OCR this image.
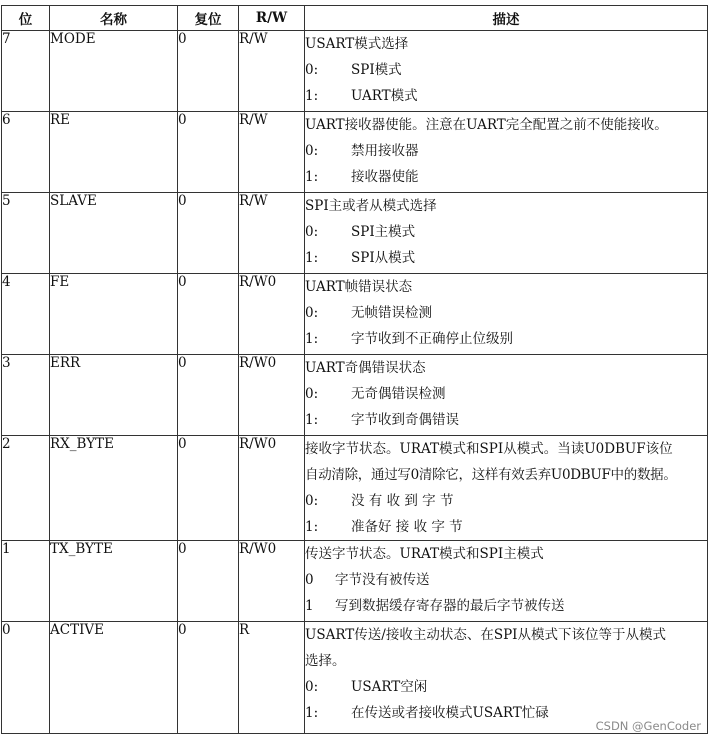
位	名称	复位	R/W	描述
7	MODE	0	R/W	USART模式选择
0: SPI模式
1: UART模式

6	RE	0	R/W	UART接收器使能。注意在UART完全配置之前不使能接收。
0: 禁用接收器
1: 接收器使能

5	SLAVE	0	R/W	SPI主或者从模式选择
0: SPI主模式
1: SPI从模式

4	FE	0	R/W0	UART帧错误状态
0: 无帧错误检测
1: 字节收到不正确停止位级别

3	ERR	0	R/W0	UART奇偶错误状态
0: 无奇偶错误检测
1: 字节收到奇偶错误

2	RX_BYTE	0	R/W0	接收字节状态。URAT模式和SPI从模式。当读U0DBUF该位
自动清除，通过写0清除它，这样有效丢弃U0DBUF中的数据。
0: 没 有 收 到 字 节
1: 准备好 接 收 字 节

1	TX_BYTE	0	R/W0	传送字节状态。URAT模式和SPI主模式
0 字节没有被传送
1 写到数据缓存寄存器的最后字节被传送

0	ACTIVE	0	R	USART传送/接收主动状态、在SPI从模式下该位等于从模式
选择。
0: USART空闲
1: 在传送或者接收模式USART忙碌
CSDN @GenCoder
